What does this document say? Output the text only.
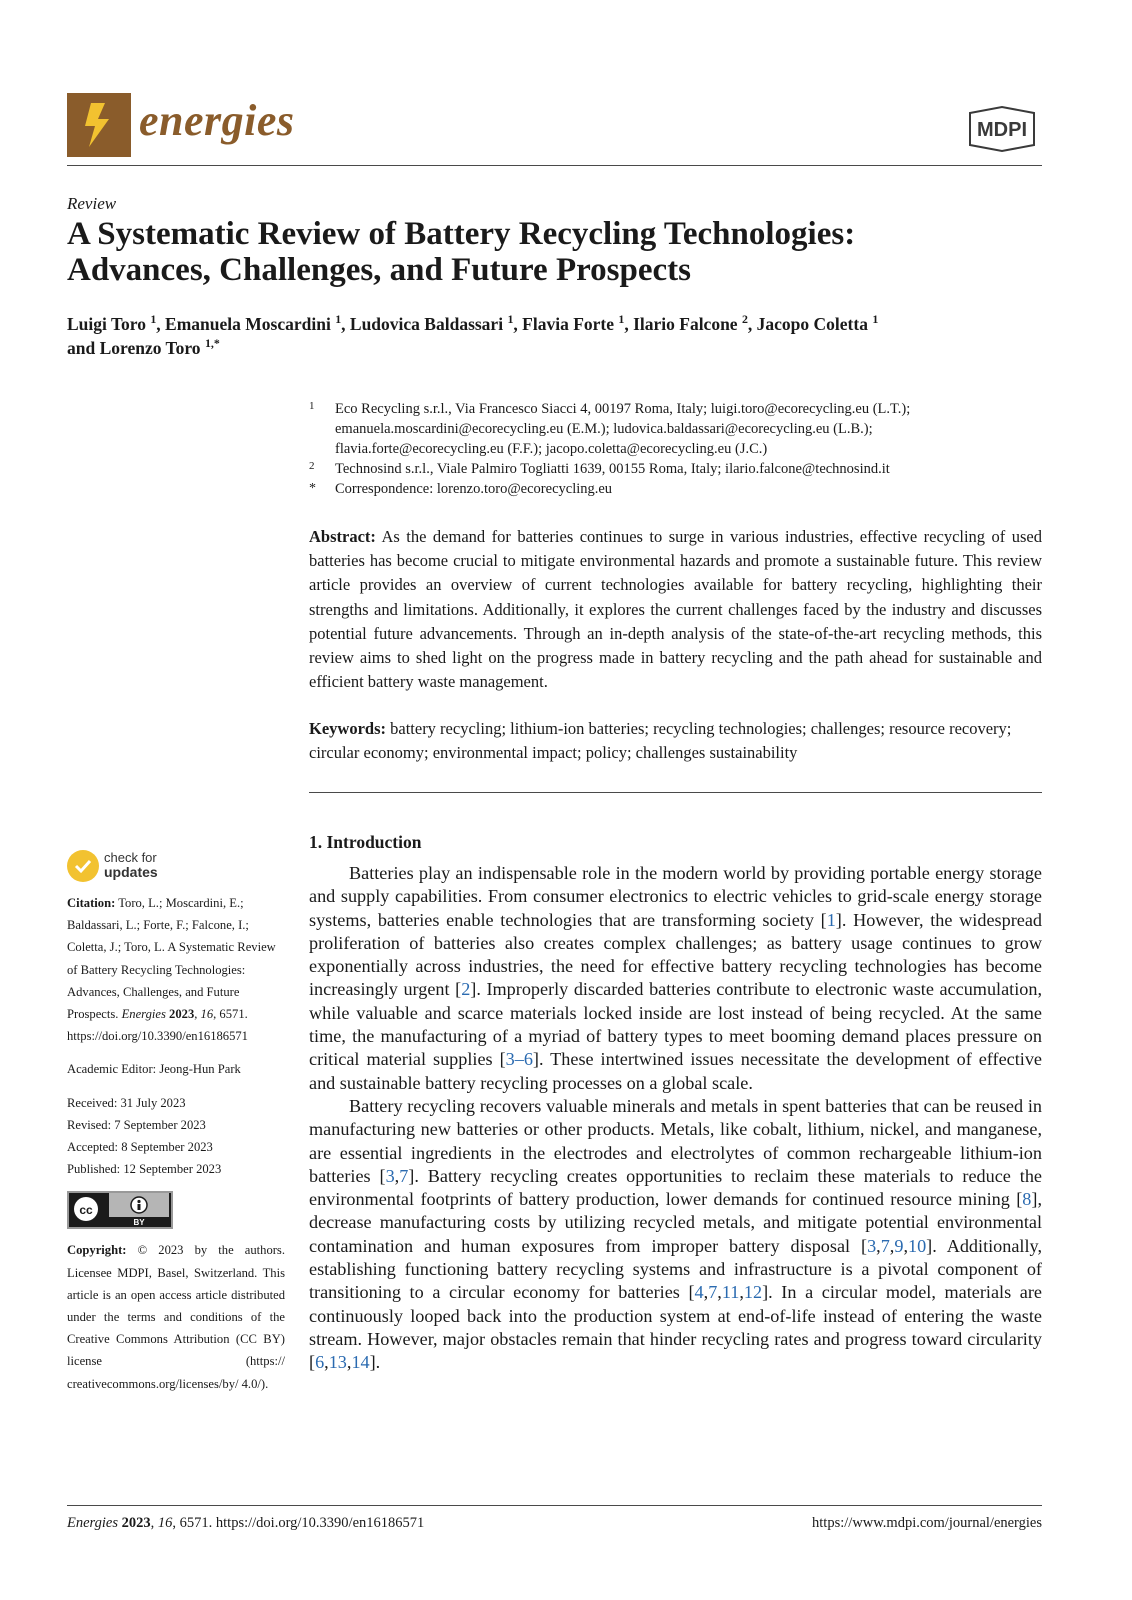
energies	MDPI
Review
A Systematic Review of Battery Recycling Technologies:
Advances, Challenges, and Future Prospects
Luigi Toro $^1$, Emanuela Moscardini $^1$, Ludovica Baldassari $^1$, Flavia Forte $^1$, Ilario Falcone $^2$, Jacopo Coletta $^1$
and Lorenzo Toro $^{1,*}$
1 Eco Recycling s.r.l., Via Francesco Siacci 4, 00197 Roma, Italy; luigi.toro@ecorecycling.eu (L.T.);
emanuela.moscardini@ecorecycling.eu (E.M.); ludovica.baldassari@ecorecycling.eu (L.B.);
flavia.forte@ecorecycling.eu (F.F.); jacopo.coletta@ecorecycling.eu (J.C.)
2 Technosind s.r.l., Viale Palmiro Togliatti 1639, 00155 Roma, Italy; ilario.falcone@technosind.it
* Correspondence: lorenzo.toro@ecorecycling.eu

Abstract: As the demand for batteries continues to surge in various industries, effective recycling of used batteries has become crucial to mitigate environmental hazards and promote a sustainable future. This review article provides an overview of current technologies available for battery recycling, highlighting their strengths and limitations. Additionally, it explores the current challenges faced by the industry and discusses potential future advancements. Through an in-depth analysis of the state-of-the-art recycling methods, this review aims to shed light on the progress made in battery recycling and the path ahead for sustainable and efficient battery waste management.

Keywords: battery recycling; lithium-ion batteries; recycling technologies; challenges; resource recovery; circular economy; environmental impact; policy; challenges sustainability

check for
updates
Citation: Toro, L.; Moscardini, E.; Baldassari, L.; Forte, F.; Falcone, I.; Coletta, J.; Toro, L. A Systematic Review of Battery Recycling Technologies: Advances, Challenges, and Future Prospects. Energies 2023, 16, 6571. https://doi.org/10.3390/en16186571
Academic Editor: Jeong-Hun Park
Received: 31 July 2023
Revised: 7 September 2023
Accepted: 8 September 2023
Published: 12 September 2023
cc
BY
Copyright: © 2023 by the authors. Licensee MDPI, Basel, Switzerland. This article is an open access article distributed under the terms and conditions of the Creative Commons Attribution (CC BY) license (https:// creativecommons.org/licenses/by/ 4.0/).
1. Introduction

Batteries play an indispensable role in the modern world by providing portable energy storage and supply capabilities. From consumer electronics to electric vehicles to grid-scale energy storage systems, batteries enable technologies that are transforming society [1]. However, the widespread proliferation of batteries also creates complex challenges; as battery usage continues to grow exponentially across industries, the need for effective battery recycling technologies has become increasingly urgent [2]. Improperly discarded batteries contribute to electronic waste accumulation, while valuable and scarce materials locked inside are lost instead of being recycled. At the same time, the manufacturing of a myriad of battery types to meet booming demand places pressure on critical material supplies [3–6]. These intertwined issues necessitate the development of effective and sustainable battery recycling processes on a global scale.

Battery recycling recovers valuable minerals and metals in spent batteries that can be reused in manufacturing new batteries or other products. Metals, like cobalt, lithium, nickel, and manganese, are essential ingredients in the electrodes and electrolytes of common rechargeable lithium-ion batteries [3,7]. Battery recycling creates opportunities to reclaim these materials to reduce the environmental footprints of battery production, lower demands for continued resource mining [8], decrease manufacturing costs by utilizing recycled metals, and mitigate potential environmental contamination and human exposures from improper battery disposal [3,7,9,10]. Additionally, establishing functioning battery recycling systems and infrastructure is a pivotal component of transitioning to a circular economy for batteries [4,7,11,12]. In a circular model, materials are continuously looped back into the production system at end-of-life instead of entering the waste stream. However, major obstacles remain that hinder recycling rates and progress toward circularity [6,13,14].

Energies 2023, 16, 6571. https://doi.org/10.3390/en16186571	https://www.mdpi.com/journal/energies
